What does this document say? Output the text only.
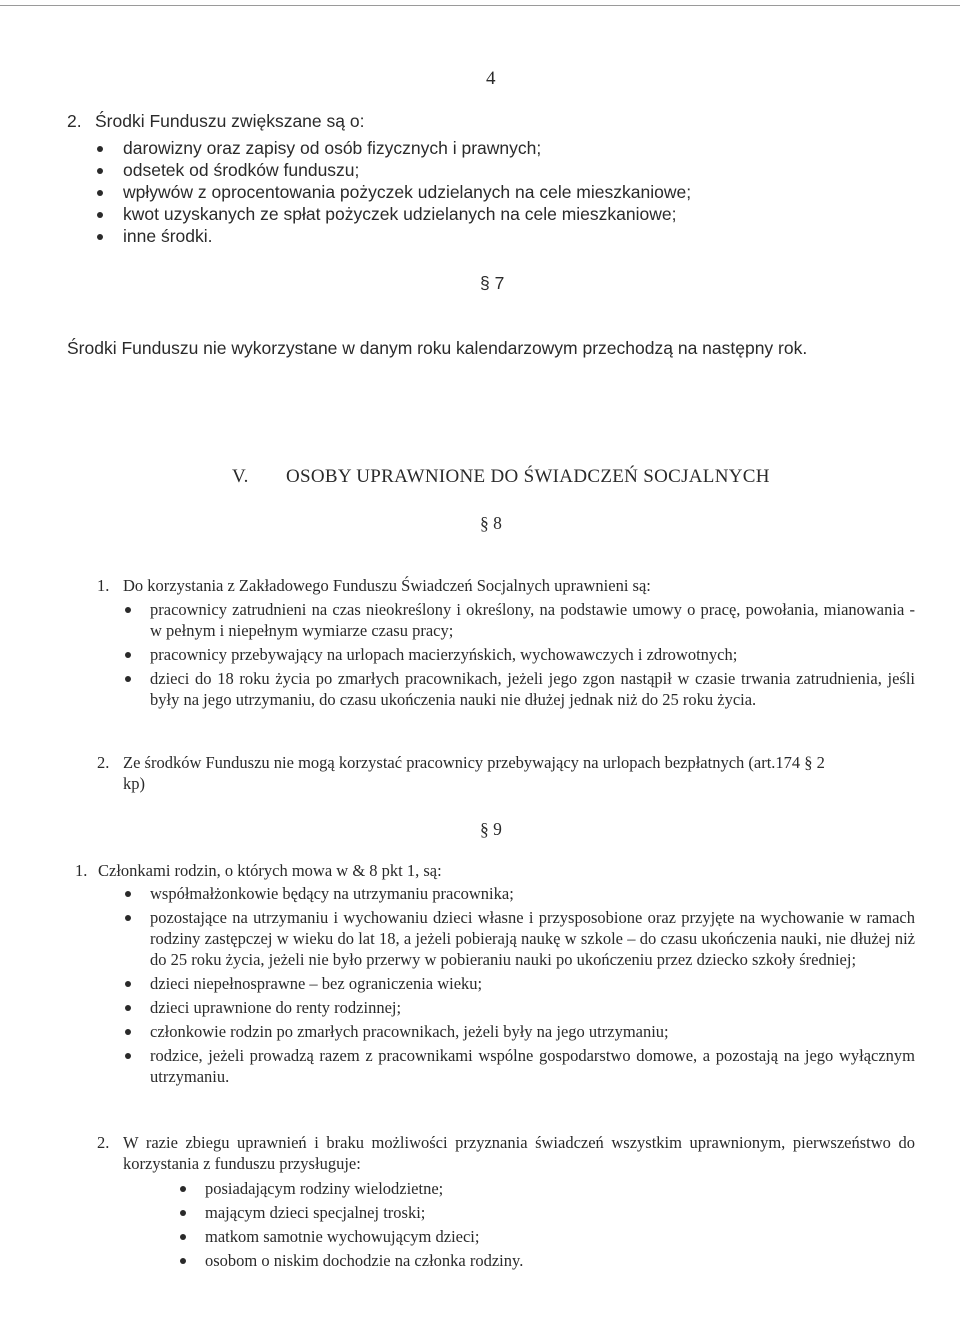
4
2. Środki Funduszu zwiększane są o:
darowizny oraz zapisy od osób fizycznych i prawnych;
odsetek od środków funduszu;
wpływów z oprocentowania pożyczek udzielanych na cele mieszkaniowe;
kwot uzyskanych ze spłat pożyczek udzielanych na cele mieszkaniowe;
inne środki.
§ 7
Środki Funduszu nie wykorzystane w danym roku kalendarzowym przechodzą na następny rok.
V. OSOBY UPRAWNIONE DO ŚWIADCZEŃ SOCJALNYCH
§ 8
1. Do korzystania z Zakładowego Funduszu Świadczeń Socjalnych uprawnieni są:
pracownicy zatrudnieni na czas nieokreślony i określony, na podstawie umowy o pracę, powołania, mianowania - w pełnym i niepełnym wymiarze czasu pracy;
pracownicy przebywający na urlopach macierzyńskich, wychowawczych i zdrowotnych;
dzieci do 18 roku życia po zmarłych pracownikach, jeżeli jego zgon nastąpił w czasie trwania zatrudnienia, jeśli były na jego utrzymaniu, do czasu ukończenia nauki nie dłużej jednak niż do 25 roku życia.
2. Ze środków Funduszu nie mogą korzystać pracownicy przebywający na urlopach bezpłatnych (art.174 § 2 kp)
§ 9
1. Członkami rodzin, o których mowa w & 8 pkt 1, są:
współmałżonkowie będący na utrzymaniu pracownika;
pozostające na utrzymaniu i wychowaniu dzieci własne i przysposobione oraz przyjęte na wychowanie w ramach rodziny zastępczej w wieku do lat 18, a jeżeli pobierają naukę w szkole – do czasu ukończenia nauki, nie dłużej niż do 25 roku życia, jeżeli nie było przerwy w pobieraniu nauki po ukończeniu przez dziecko szkoły średniej;
dzieci niepełnosprawne – bez ograniczenia wieku;
dzieci uprawnione do renty rodzinnej;
członkowie rodzin po zmarłych pracownikach, jeżeli były na jego utrzymaniu;
rodzice, jeżeli prowadzą razem z pracownikami wspólne gospodarstwo domowe, a pozostają na jego wyłącznym utrzymaniu.
2. W razie zbiegu uprawnień i braku możliwości przyznania świadczeń wszystkim uprawnionym, pierwszeństwo do korzystania z funduszu przysługuje:
posiadającym rodziny wielodzietne;
mającym dzieci specjalnej troski;
matkom samotnie wychowującym dzieci;
osobom o niskim dochodzie na członka rodziny.
